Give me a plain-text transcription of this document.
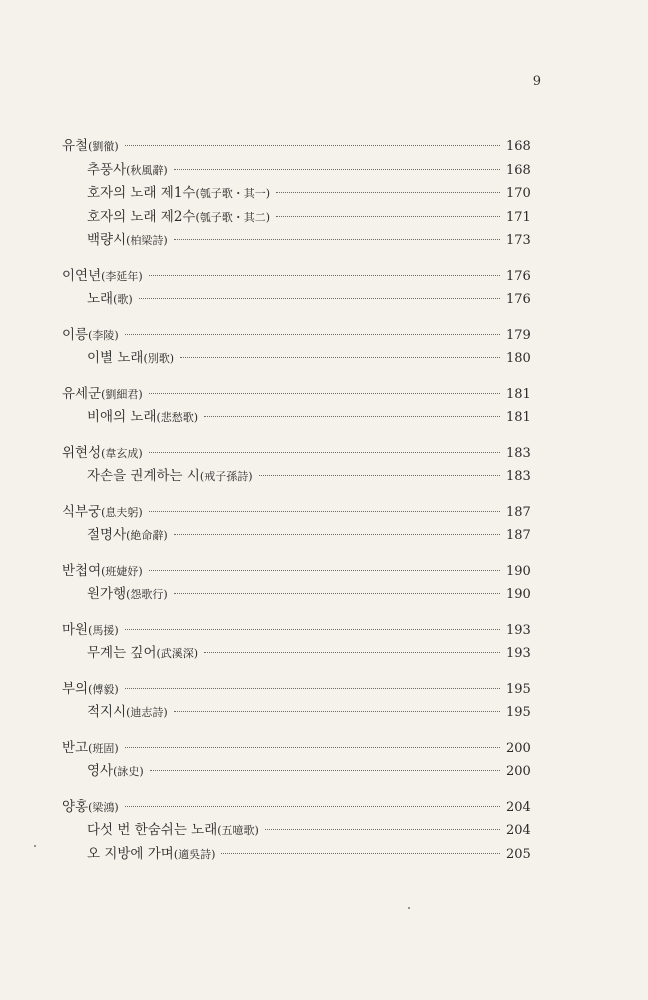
9
유철(劉徹)	168
추풍사(秋風辭)	168
호자의 노래 제1수(瓠子歌・其一)	170
호자의 노래 제2수(瓠子歌・其二)	171
백량시(柏梁詩)	173
이연년(李延年)	176
노래(歌)	176
이릉(李陵)	179
이별 노래(別歌)	180
유세군(劉細君)	181
비애의 노래(悲愁歌)	181
위현성(韋玄成)	183
자손을 권계하는 시(戒子孫詩)	183
식부궁(息夫躬)	187
절명사(絶命辭)	187
반첩여(班婕妤)	190
원가행(怨歌行)	190
마원(馬援)	193
무계는 깊어(武溪深)	193
부의(傅毅)	195
적지시(迪志詩)	195
반고(班固)	200
영사(詠史)	200
양홍(梁鴻)	204
다섯 번 한숨쉬는 노래(五噫歌)	204
오 지방에 가며(適吳詩)	205
